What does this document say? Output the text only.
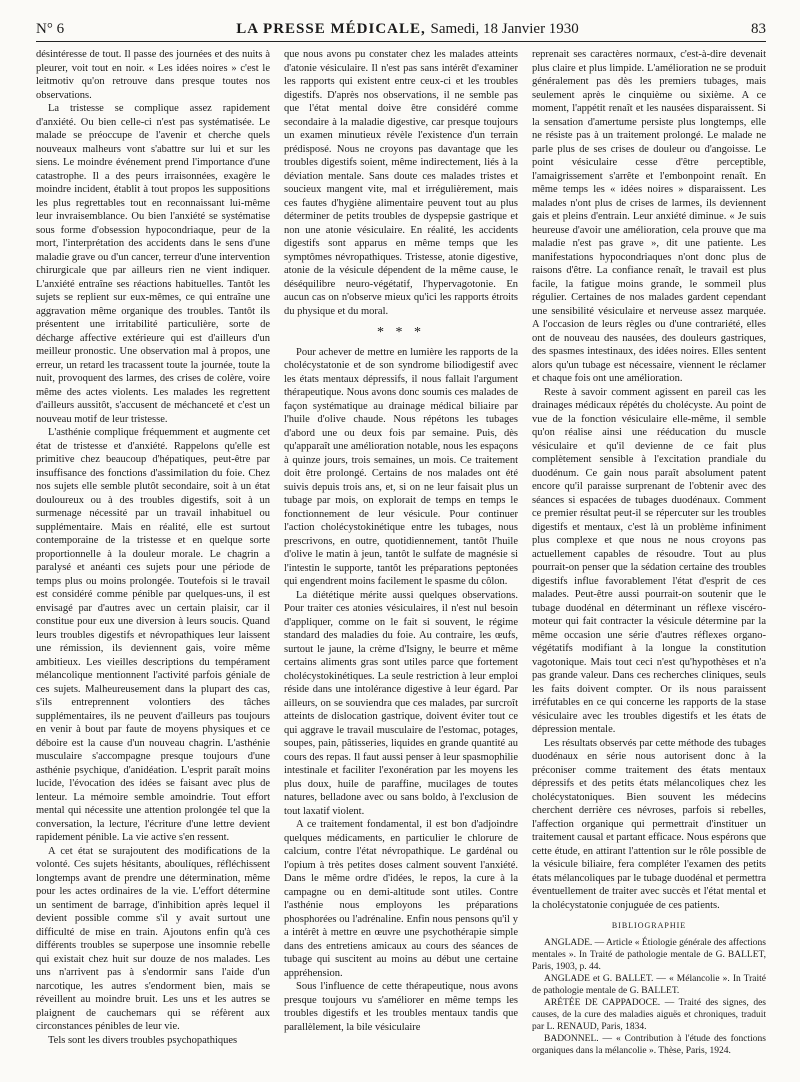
N° 6	LA PRESSE MÉDICALE, Samedi, 18 Janvier 1930	83

désintéresse de tout. Il passe des journées et des nuits à pleurer, voit tout en noir. « Les idées noires » c'est le leitmotiv qu'on retrouve dans presque toutes nos observations.

La tristesse se complique assez rapidement d'anxiété. Ou bien celle-ci n'est pas systématisée. Le malade se préoccupe de l'avenir et cherche quels nouveaux malheurs vont s'abattre sur lui et sur les siens. Le moindre événement prend l'importance d'une catastrophe. Il a des peurs irraisonnées, exagère le moindre incident, établit à tout propos les suppositions les plus regrettables tout en reconnaissant lui-même leur invraisemblance. Ou bien l'anxiété se systématise sous forme d'obsession hypocondriaque, peur de la mort, l'interprétation des accidents dans le sens d'une maladie grave ou d'un cancer, terreur d'une intervention chirurgicale que par ailleurs rien ne vient indiquer. L'anxiété entraîne ses réactions habituelles. Tantôt les sujets se replient sur eux-mêmes, ce qui entraîne une aggravation même organique des troubles. Tantôt ils présentent une irritabilité particulière, sorte de décharge affective extérieure qui est d'ailleurs d'un meilleur pronostic. Une observation mal à propos, une erreur, un retard les tracassent toute la journée, toute la nuit, provoquent des larmes, des crises de colère, voire même des actes violents. Les malades les regrettent d'ailleurs aussitôt, s'accusent de méchanceté et c'est un nouveau motif de leur tristesse.

L'asthénie complique fréquemment et augmente cet état de tristesse et d'anxiété. Rappelons qu'elle est primitive chez beaucoup d'hépatiques, peut-être par insuffisance des fonctions d'assimilation du foie. Chez nos sujets elle semble plutôt secondaire, soit à un état douloureux ou à des troubles digestifs, soit à un surmenage nécessité par un travail inhabituel ou supplémentaire. Mais en réalité, elle est surtout contemporaine de la tristesse et en quelque sorte proportionnelle à la douleur morale. Le chagrin a paralysé et anéanti ces sujets pour une période de temps plus ou moins prolongée. Toutefois si le travail est considéré comme pénible par quelques-uns, il est envisagé par d'autres avec un certain plaisir, car il constitue pour eux une diversion à leurs soucis. Quand leurs troubles digestifs et névropathiques leur laissent une rémission, ils deviennent gais, voire même ambitieux. Les vieilles descriptions du tempérament mélancolique mentionnent l'activité parfois géniale de ces sujets. Malheureusement dans la plupart des cas, s'ils entreprennent volontiers des tâches supplémentaires, ils ne peuvent d'ailleurs pas toujours en venir à bout par faute de moyens physiques et ce déboire est la cause d'un nouveau chagrin. L'asthénie musculaire s'accompagne presque toujours d'une asthénie psychique, d'anidéation. L'esprit paraît moins lucide, l'évocation des idées se faisant avec plus de lenteur. La mémoire semble amoindrie. Tout effort mental qui nécessite une attention prolongée tel que la conversation, la lecture, l'écriture d'une lettre devient rapidement pénible. La vie active s'en ressent.

A cet état se surajoutent des modifications de la volonté. Ces sujets hésitants, aboulíques, réfléchissent longtemps avant de prendre une détermination, même pour les actes ordinaires de la vie. L'effort détermine un sentiment de barrage, d'inhibition après lequel il devient possible comme s'il y avait surtout une difficulté de mise en train. Ajoutons enfin qu'à ces différents troubles se superpose une insomnie rebelle qui existait chez huit sur douze de nos malades. Les uns n'arrivent pas à s'endormir sans l'aide d'un narcotique, les autres s'endorment bien, mais se réveillent au moindre bruit. Les uns et les autres se plaignent de cauchemars qui se réfèrent aux circonstances pénibles de leur vie.

Tels sont les divers troubles psychopathiques

que nous avons pu constater chez les malades atteints d'atonie vésiculaire. Il n'est pas sans intérêt d'examiner les rapports qui existent entre ceux-ci et les troubles digestifs. D'après nos observations, il ne semble pas que l'état mental doive être considéré comme secondaire à la maladie digestive, car presque toujours un examen minutieux révèle l'existence d'un terrain prédisposé. Nous ne croyons pas davantage que les troubles digestifs soient, même indirectement, liés à la déviation mentale. Sans doute ces malades tristes et soucieux mangent vite, mal et irrégulièrement, mais ces fautes d'hygiène alimentaire peuvent tout au plus déterminer de petits troubles de dyspepsie gastrique et non une atonie vésiculaire. En réalité, les accidents digestifs sont apparus en même temps que les symptômes névropathiques. Tristesse, atonie digestive, atonie de la vésicule dépendent de la même cause, le déséquilibre neuro-végétatif, l'hypervagotonie. En aucun cas on n'observe mieux qu'ici les rapports étroits du physique et du moral.

* * *

Pour achever de mettre en lumière les rapports de la cholécystatonie et de son syndrome biliodigestif avec les états mentaux dépressifs, il nous fallait l'argument thérapeutique. Nous avons donc soumis ces malades de façon systématique au drainage médical biliaire par l'huile d'olive chaude. Nous répétons les tubages d'abord une ou deux fois par semaine. Puis, dès qu'apparaît une amélioration notable, nous les espaçons à quinze jours, trois semaines, un mois. Ce traitement doit être prolongé. Certains de nos malades ont été suivis depuis trois ans, et, si on ne leur faisait plus un tubage par mois, on explorait de temps en temps le fonctionnement de leur vésicule. Pour continuer l'action cholécystokinétique entre les tubages, nous prescrivons, en outre, quotidiennement, tantôt l'huile d'olive le matin à jeun, tantôt le sulfate de magnésie si l'intestin le supporte, tantôt les préparations peptonées qui engendrent moins facilement le spasme du côlon.

La diététique mérite aussi quelques observations. Pour traiter ces atonies vésiculaires, il n'est nul besoin d'appliquer, comme on le fait si souvent, le régime standard des maladies du foie. Au contraire, les œufs, surtout le jaune, la crème d'Isigny, le beurre et même certains aliments gras sont utiles parce que fortement cholécystokinétiques. La seule restriction à leur emploi réside dans une intolérance digestive à leur égard. Par ailleurs, on se souviendra que ces malades, par surcroît atteints de dislocation gastrique, doivent éviter tout ce qui aggrave le travail musculaire de l'estomac, potages, soupes, pain, pâtisseries, liquides en grande quantité au cours des repas. Il faut aussi penser à leur spasmophilie intestinale et faciliter l'exonération par les moyens les plus doux, huile de paraffine, mucilages de toutes natures, belladone avec ou sans boldo, à l'exclusion de tout laxatif violent.

A ce traitement fondamental, il est bon d'adjoindre quelques médicaments, en particulier le chlorure de calcium, contre l'état névropathique. Le gardénal ou l'opium à très petites doses calment souvent l'anxiété. Dans le même ordre d'idées, le repos, la cure à la campagne ou en demi-altitude sont utiles. Contre l'asthénie nous employons les préparations phosphorées ou l'adrénaline. Enfin nous pensons qu'il y a intérêt à mettre en œuvre une psychothérapie simple dans des entretiens amicaux au cours des séances de tubage qui suscitent au moins au début une certaine appréhension.

Sous l'influence de cette thérapeutique, nous avons presque toujours vu s'améliorer en même temps les troubles digestifs et les troubles mentaux tandis que parallèlement, la bile vésiculaire

reprenait ses caractères normaux, c'est-à-dire devenait plus claire et plus limpide. L'amélioration ne se produit généralement pas dès les premiers tubages, mais seulement après le cinquième ou sixième. A ce moment, l'appétit renaît et les nausées disparaissent. Si la sensation d'amertume persiste plus longtemps, elle ne résiste pas à un traitement prolongé. Le malade ne parle plus de ses crises de douleur ou d'angoisse. Le point vésiculaire cesse d'être perceptible, l'amaigrissement s'arrête et l'embonpoint renaît. En même temps les « idées noires » disparaissent. Les malades n'ont plus de crises de larmes, ils deviennent gais et pleins d'entrain. Leur anxiété diminue. « Je suis heureuse d'avoir une amélioration, cela prouve que ma maladie n'est pas grave », dit une patiente. Les manifestations hypocondriaques n'ont donc plus de raisons d'être. La confiance renaît, le travail est plus facile, la fatigue moins grande, le sommeil plus régulier. Certaines de nos malades gardent cependant une sensibilité vésiculaire et nerveuse assez marquée. A l'occasion de leurs règles ou d'une contrariété, elles ont de nouveau des nausées, des douleurs gastriques, des spasmes intestinaux, des idées noires. Elles sentent alors qu'un tubage est nécessaire, viennent le réclamer et chaque fois ont une amélioration.

Reste à savoir comment agissent en pareil cas les drainages médicaux répétés du cholécyste. Au point de vue de la fonction vésiculaire elle-même, il semble qu'on réalise ainsi une rééducation du muscle vésiculaire et qu'il devienne de ce fait plus complètement sensible à l'excitation prandiale du duodénum. Ce gain nous paraît absolument patent encore qu'il paraisse surprenant de l'obtenir avec des séances si espacées de tubages duodénaux. Comment ce premier résultat peut-il se répercuter sur les troubles digestifs et mentaux, c'est là un problème infiniment plus complexe et que nous ne nous croyons pas actuellement capables de résoudre. Tout au plus pourrait-on penser que la sédation certaine des troubles digestifs influe favorablement l'état d'esprit de ces malades. Peut-être aussi pourrait-on soutenir que le tubage duodénal en déterminant un réflexe viscéro-moteur qui fait contracter la vésicule détermine par la même occasion une série d'autres réflexes organo-végétatifs modifiant à la longue la constitution vagotonique. Mais tout ceci n'est qu'hypothèses et n'a pas grande valeur. Dans ces recherches cliniques, seuls les faits doivent compter. Or ils nous paraissent irréfutables en ce qui concerne les rapports de la stase vésiculaire avec les troubles digestifs et les états de dépression mentale.

Les résultats observés par cette méthode des tubages duodénaux en série nous autorisent donc à la préconiser comme traitement des états mentaux dépressifs et des petits états mélancoliques chez les cholécystatoniques. Bien souvent les médecins cherchent derrière ces névroses, parfois si rebelles, l'affection organique qui permettrait d'instituer un traitement causal et partant efficace. Nous espérons que cette étude, en attirant l'attention sur le rôle possible de la vésicule biliaire, fera compléter l'examen des petits états mélancoliques par le tubage duodénal et permettra éventuellement de traiter avec succès et l'état mental et la cholécystatonie conjuguée de ces patients.

BIBLIOGRAPHIE

ANGLADE. — Article « Étiologie générale des affections mentales ». In Traité de pathologie mentale de G. BALLET, Paris, 1903, p. 44.

ANGLADE et G. BALLET. — « Mélancolie ». In Traité de pathologie mentale de G. BALLET.

ARÉTÉE DE CAPPADOCE. — Traité des signes, des causes, de la cure des maladies aiguës et chroniques, traduit par L. RENAUD, Paris, 1834.

BADONNEL. — « Contribution à l'étude des fonctions organiques dans la mélancolie ». Thèse, Paris, 1924.
